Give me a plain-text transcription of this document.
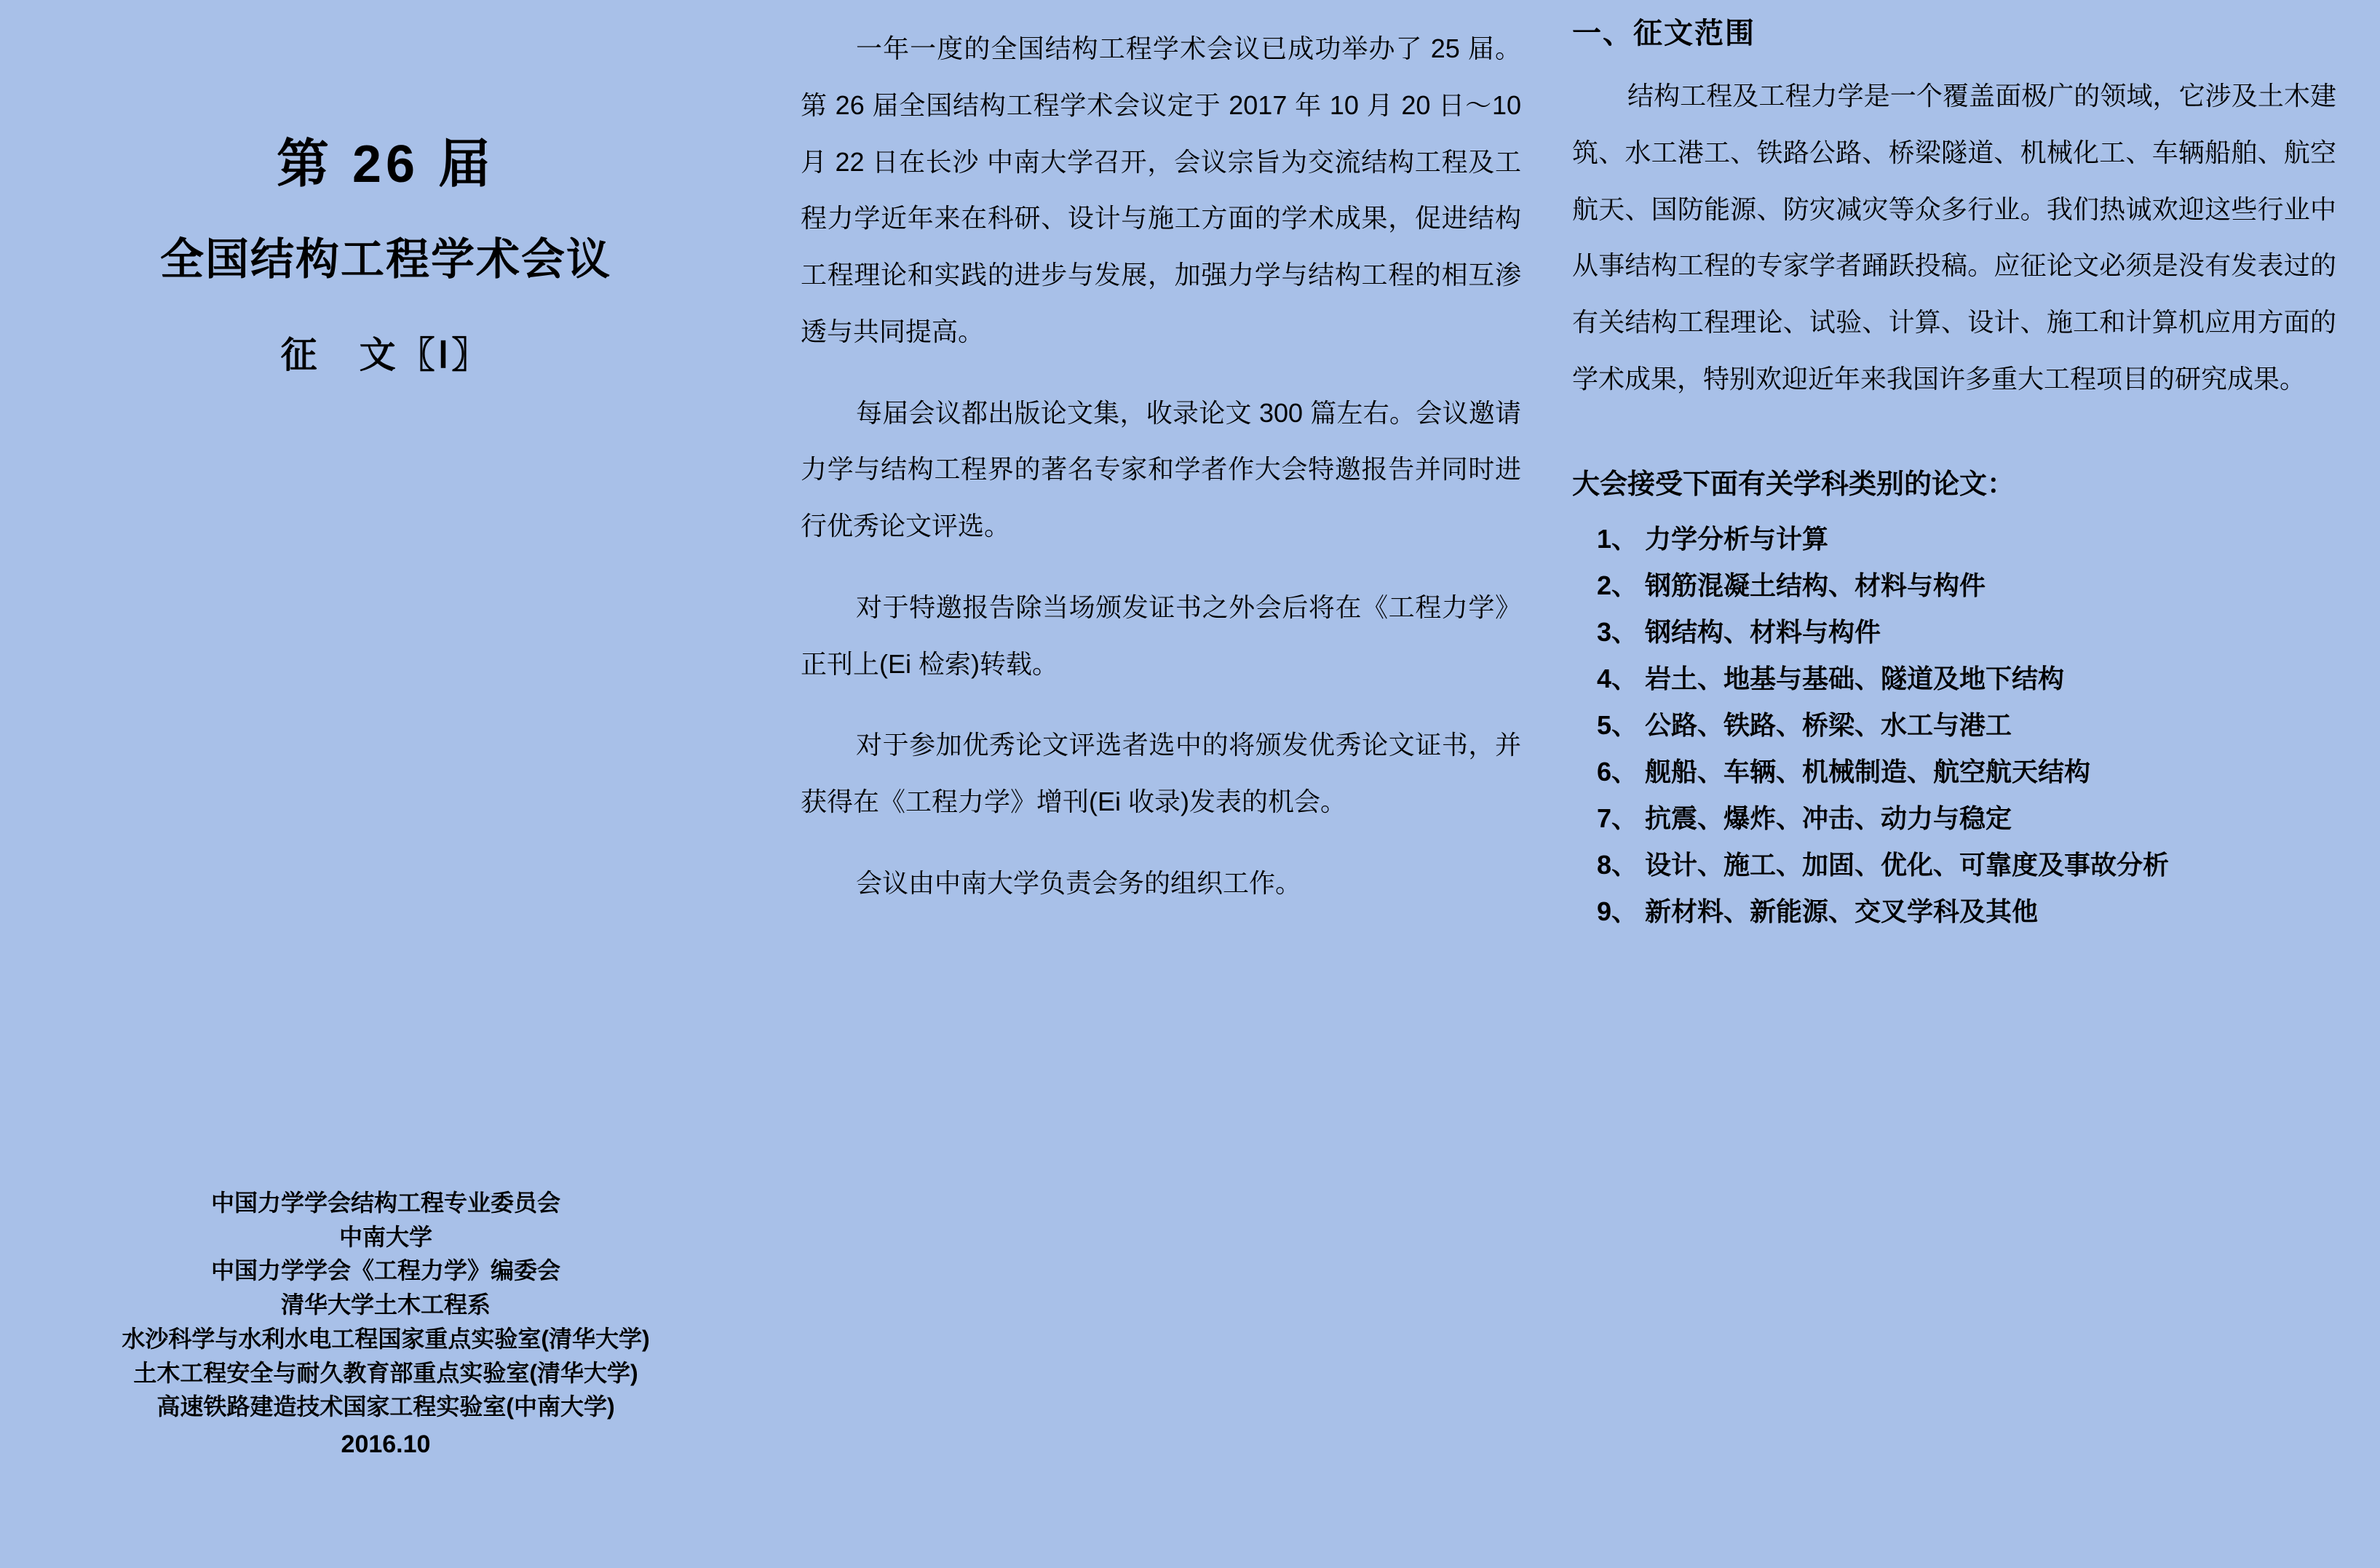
第 26 届
全国结构工程学术会议
征　文〖Ⅰ〗
中国力学学会结构工程专业委员会
中南大学
中国力学学会《工程力学》编委会
清华大学土木工程系
水沙科学与水利水电工程国家重点实验室(清华大学)
土木工程安全与耐久教育部重点实验室(清华大学)
高速铁路建造技术国家工程实验室(中南大学)
2016.10

一年一度的全国结构工程学术会议已成功举办了 25 届。第 26 届全国结构工程学术会议定于 2017 年 10 月 20 日～10 月 22 日在长沙 中南大学召开，会议宗旨为交流结构工程及工程力学近年来在科研、设计与施工方面的学术成果，促进结构工程理论和实践的进步与发展，加强力学与结构工程的相互渗透与共同提高。

每届会议都出版论文集，收录论文 300 篇左右。会议邀请力学与结构工程界的著名专家和学者作大会特邀报告并同时进行优秀论文评选。

对于特邀报告除当场颁发证书之外会后将在《工程力学》正刊上(Ei 检索)转载。

对于参加优秀论文评选者选中的将颁发优秀论文证书，并获得在《工程力学》增刊(Ei 收录)发表的机会。

会议由中南大学负责会务的组织工作。

一、征文范围

结构工程及工程力学是一个覆盖面极广的领域，它涉及土木建筑、水工港工、铁路公路、桥梁隧道、机械化工、车辆船舶、航空航天、国防能源、防灾减灾等众多行业。我们热诚欢迎这些行业中从事结构工程的专家学者踊跃投稿。应征论文必须是没有发表过的有关结构工程理论、试验、计算、设计、施工和计算机应用方面的学术成果，特别欢迎近年来我国许多重大工程项目的研究成果。

大会接受下面有关学科类别的论文：
1、 力学分析与计算
2、 钢筋混凝土结构、材料与构件
3、 钢结构、材料与构件
4、 岩土、地基与基础、隧道及地下结构
5、 公路、铁路、桥梁、水工与港工
6、 舰船、车辆、机械制造、航空航天结构
7、 抗震、爆炸、冲击、动力与稳定
8、 设计、施工、加固、优化、可靠度及事故分析
9、 新材料、新能源、交叉学科及其他
